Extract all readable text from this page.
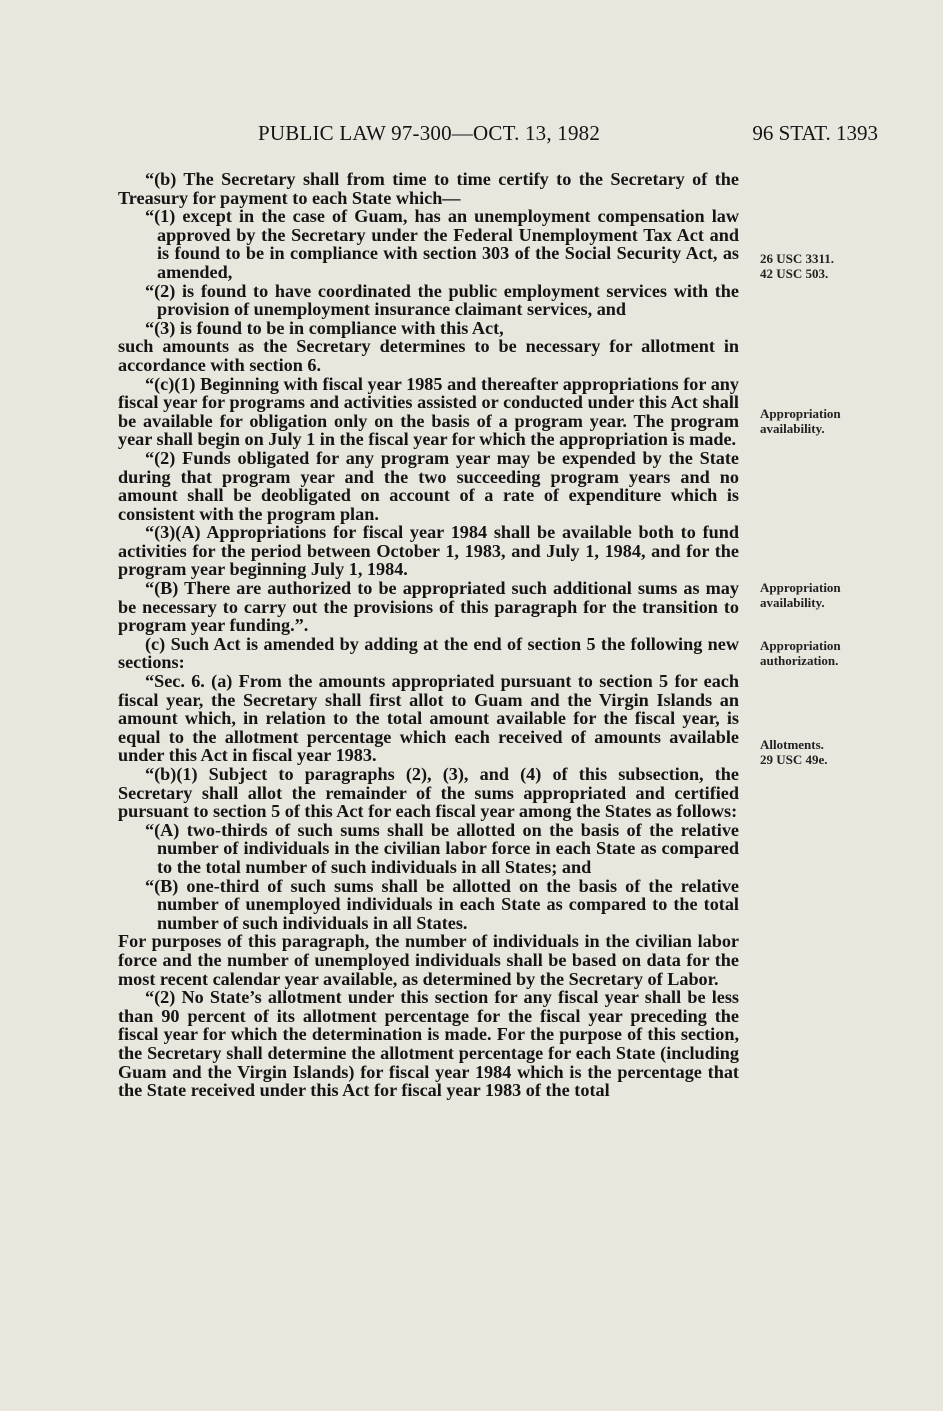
PUBLIC LAW 97-300—OCT. 13, 1982	96 STAT. 1393

“(b) The Secretary shall from time to time certify to the Secretary of the Treasury for payment to each State which—

“(1) except in the case of Guam, has an unemployment compensation law approved by the Secretary under the Federal Unemployment Tax Act and is found to be in compliance with section 303 of the Social Security Act, as amended,

“(2) is found to have coordinated the public employment services with the provision of unemployment insurance claimant services, and

“(3) is found to be in compliance with this Act,

such amounts as the Secretary determines to be necessary for allotment in accordance with section 6.

“(c)(1) Beginning with fiscal year 1985 and thereafter appropriations for any fiscal year for programs and activities assisted or conducted under this Act shall be available for obligation only on the basis of a program year. The program year shall begin on July 1 in the fiscal year for which the appropriation is made.

“(2) Funds obligated for any program year may be expended by the State during that program year and the two succeeding program years and no amount shall be deobligated on account of a rate of expenditure which is consistent with the program plan.

“(3)(A) Appropriations for fiscal year 1984 shall be available both to fund activities for the period between October 1, 1983, and July 1, 1984, and for the program year beginning July 1, 1984.

“(B) There are authorized to be appropriated such additional sums as may be necessary to carry out the provisions of this paragraph for the transition to program year funding.”.

(c) Such Act is amended by adding at the end of section 5 the following new sections:

“Sec. 6. (a) From the amounts appropriated pursuant to section 5 for each fiscal year, the Secretary shall first allot to Guam and the Virgin Islands an amount which, in relation to the total amount available for the fiscal year, is equal to the allotment percentage which each received of amounts available under this Act in fiscal year 1983.

“(b)(1) Subject to paragraphs (2), (3), and (4) of this subsection, the Secretary shall allot the remainder of the sums appropriated and certified pursuant to section 5 of this Act for each fiscal year among the States as follows:

“(A) two-thirds of such sums shall be allotted on the basis of the relative number of individuals in the civilian labor force in each State as compared to the total number of such individuals in all States; and

“(B) one-third of such sums shall be allotted on the basis of the relative number of unemployed individuals in each State as compared to the total number of such individuals in all States.

For purposes of this paragraph, the number of individuals in the civilian labor force and the number of unemployed individuals shall be based on data for the most recent calendar year available, as determined by the Secretary of Labor.

“(2) No State’s allotment under this section for any fiscal year shall be less than 90 percent of its allotment percentage for the fiscal year preceding the fiscal year for which the determination is made. For the purpose of this section, the Secretary shall determine the allotment percentage for each State (including Guam and the Virgin Islands) for fiscal year 1984 which is the percentage that the State received under this Act for fiscal year 1983 of the total

26 USC 3311.
42 USC 503.
Appropriation
availability.
Appropriation
availability.
Appropriation
authorization.
Allotments.
29 USC 49e.
